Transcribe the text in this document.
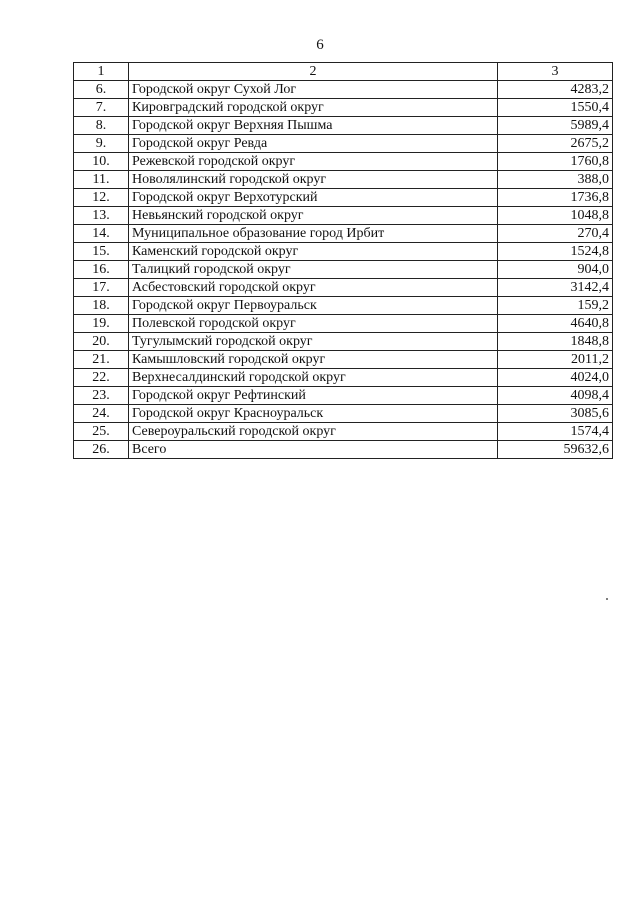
6
1	2	3
6.	Городской округ Сухой Лог	4283,2
7.	Кировградский городской округ	1550,4
8.	Городской округ Верхняя Пышма	5989,4
9.	Городской округ Ревда	2675,2
10.	Режевской городской округ	1760,8
11.	Новолялинский городской округ	388,0
12.	Городской округ Верхотурский	1736,8
13.	Невьянский городской округ	1048,8
14.	Муниципальное образование город Ирбит	270,4
15.	Каменский городской округ	1524,8
16.	Талицкий городской округ	904,0
17.	Асбестовский городской округ	3142,4
18.	Городской округ Первоуральск	159,2
19.	Полевской городской округ	4640,8
20.	Тугулымский городской округ	1848,8
21.	Камышловский городской округ	2011,2
22.	Верхнесалдинский городской округ	4024,0
23.	Городской округ Рефтинский	4098,4
24.	Городской округ Красноуральск	3085,6
25.	Североуральский городской округ	1574,4
26.	Всего	59632,6
